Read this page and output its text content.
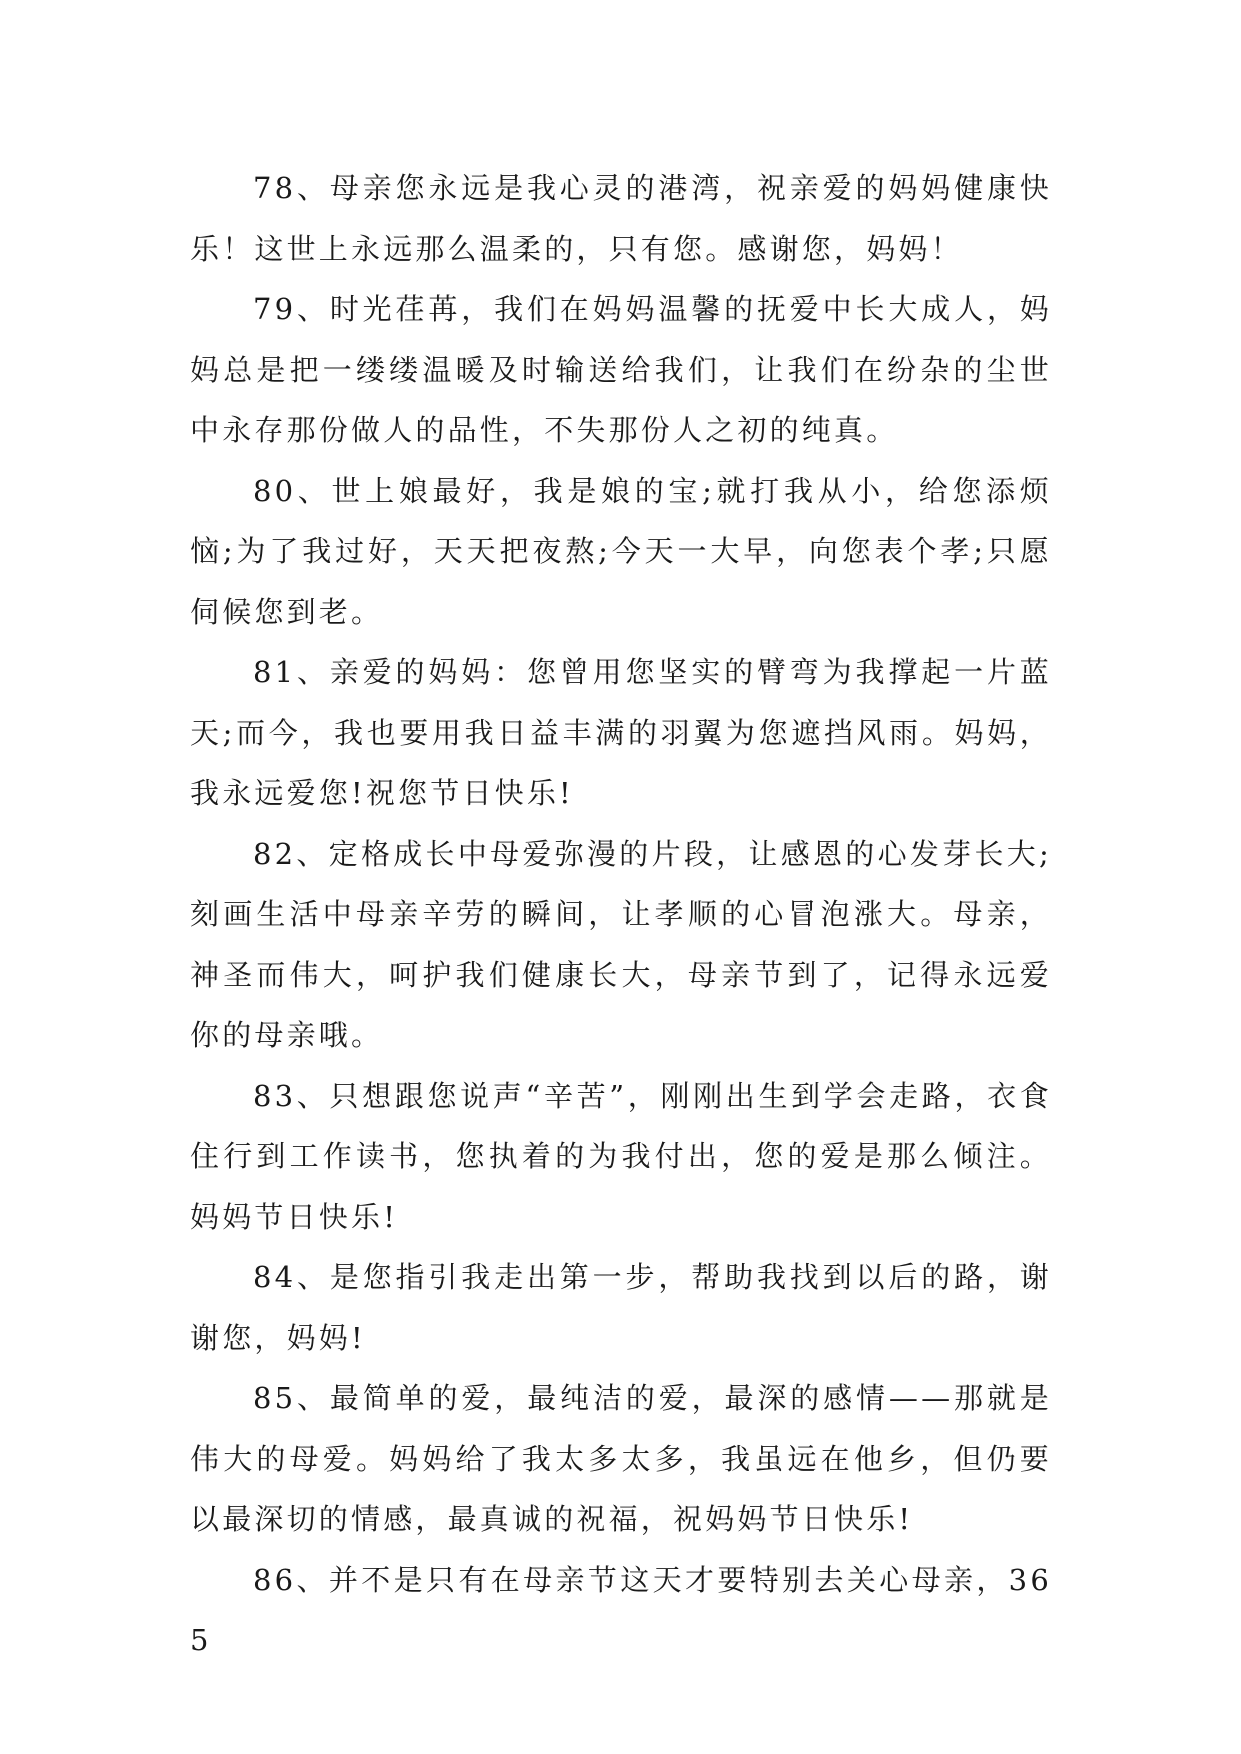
78、母亲您永远是我心灵的港湾，祝亲爱的妈妈健康快乐！这世上永远那么温柔的，只有您。感谢您，妈妈！

79、时光荏苒，我们在妈妈温馨的抚爱中长大成人，妈妈总是把一缕缕温暖及时输送给我们，让我们在纷杂的尘世中永存那份做人的品性，不失那份人之初的纯真。

80、世上娘最好，我是娘的宝;就打我从小，给您添烦恼;为了我过好，天天把夜熬;今天一大早，向您表个孝;只愿伺候您到老。

81、亲爱的妈妈：您曾用您坚实的臂弯为我撑起一片蓝天;而今，我也要用我日益丰满的羽翼为您遮挡风雨。妈妈，我永远爱您!祝您节日快乐!

82、定格成长中母爱弥漫的片段，让感恩的心发芽长大;刻画生活中母亲辛劳的瞬间，让孝顺的心冒泡涨大。母亲，神圣而伟大，呵护我们健康长大，母亲节到了，记得永远爱你的母亲哦。

83、只想跟您说声“辛苦”，刚刚出生到学会走路，衣食住行到工作读书，您执着的为我付出，您的爱是那么倾注。妈妈节日快乐!

84、是您指引我走出第一步，帮助我找到以后的路，谢谢您，妈妈!

85、最简单的爱，最纯洁的爱，最深的感情——那就是伟大的母爱。妈妈给了我太多太多，我虽远在他乡，但仍要以最深切的情感，最真诚的祝福，祝妈妈节日快乐!

86、并不是只有在母亲节这天才要特别去关心母亲，365
